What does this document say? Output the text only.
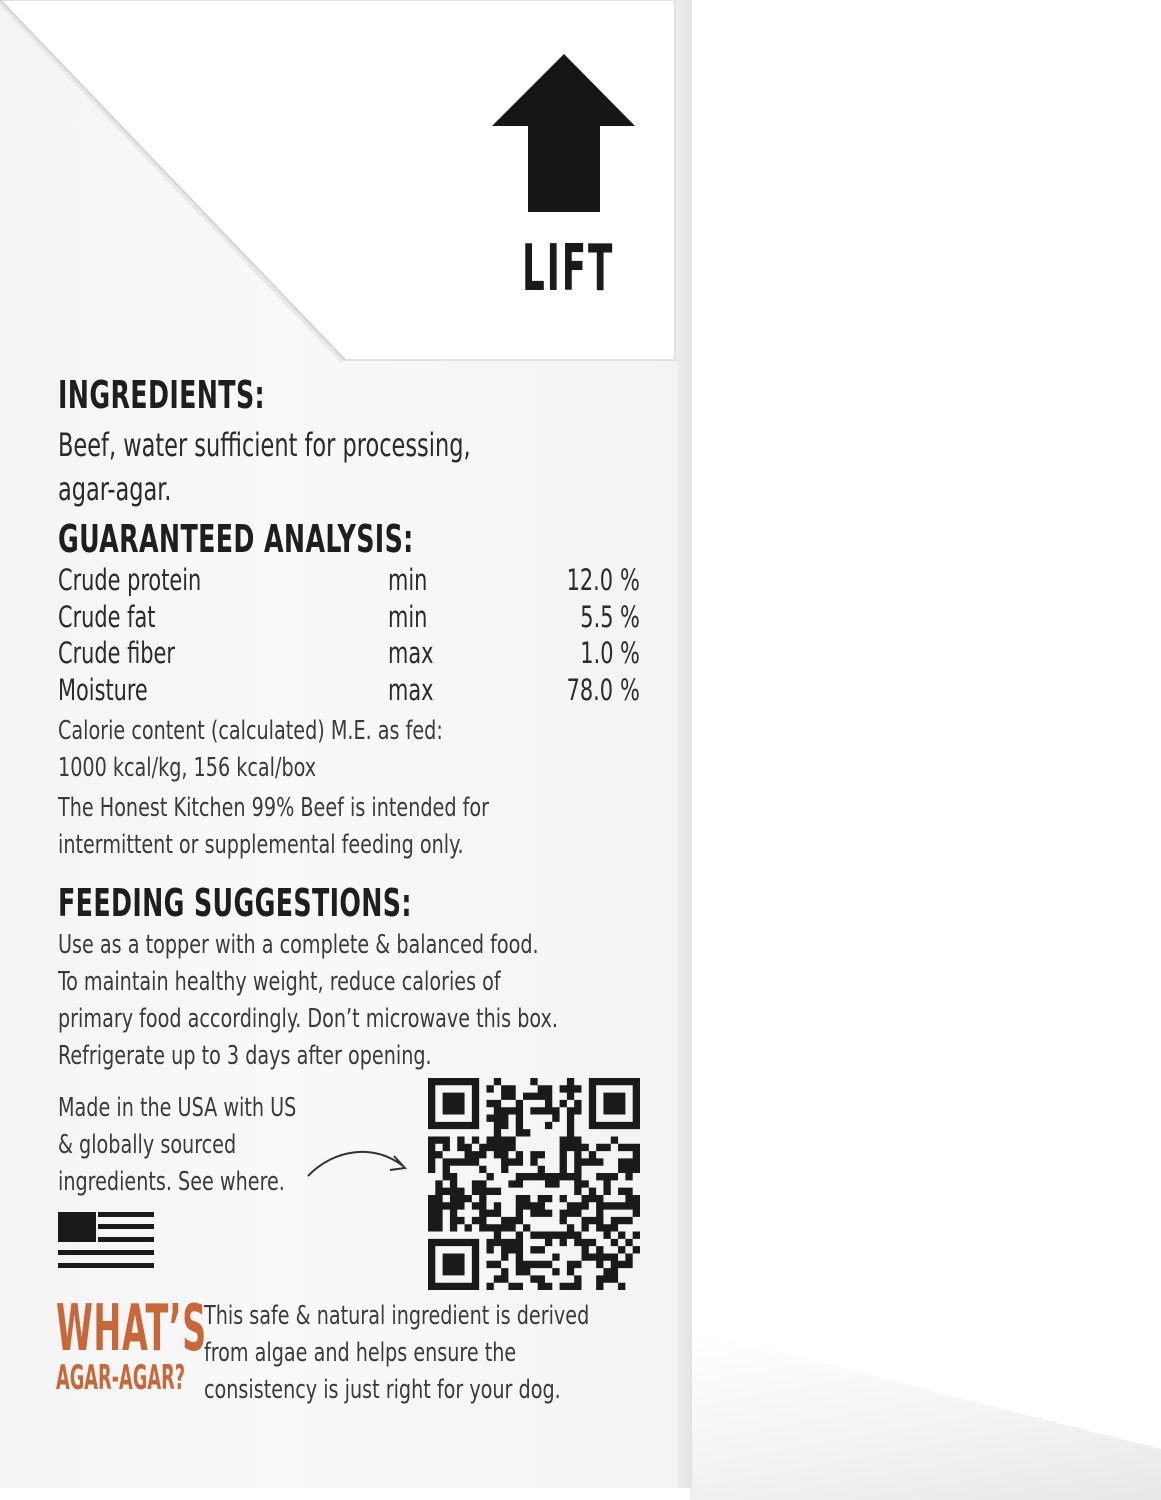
LIFT
INGREDIENTS:
Beef, water sufficient for processing,
agar-agar.
GUARANTEED ANALYSIS:
Crude protein	min	12.0 %
Crude fat	min	5.5 %
Crude fiber	max	1.0 %
Moisture	max	78.0 %
Calorie content (calculated) M.E. as fed:
1000 kcal/kg, 156 kcal/box
The Honest Kitchen 99% Beef is intended for
intermittent or supplemental feeding only.
FEEDING SUGGESTIONS:
Use as a topper with a complete & balanced food.
To maintain healthy weight, reduce calories of
primary food accordingly. Don’t microwave this box.
Refrigerate up to 3 days after opening.
Made in the USA with US
& globally sourced
ingredients. See where.
WHAT’S
AGAR-AGAR?
This safe & natural ingredient is derived
from algae and helps ensure the
consistency is just right for your dog.
